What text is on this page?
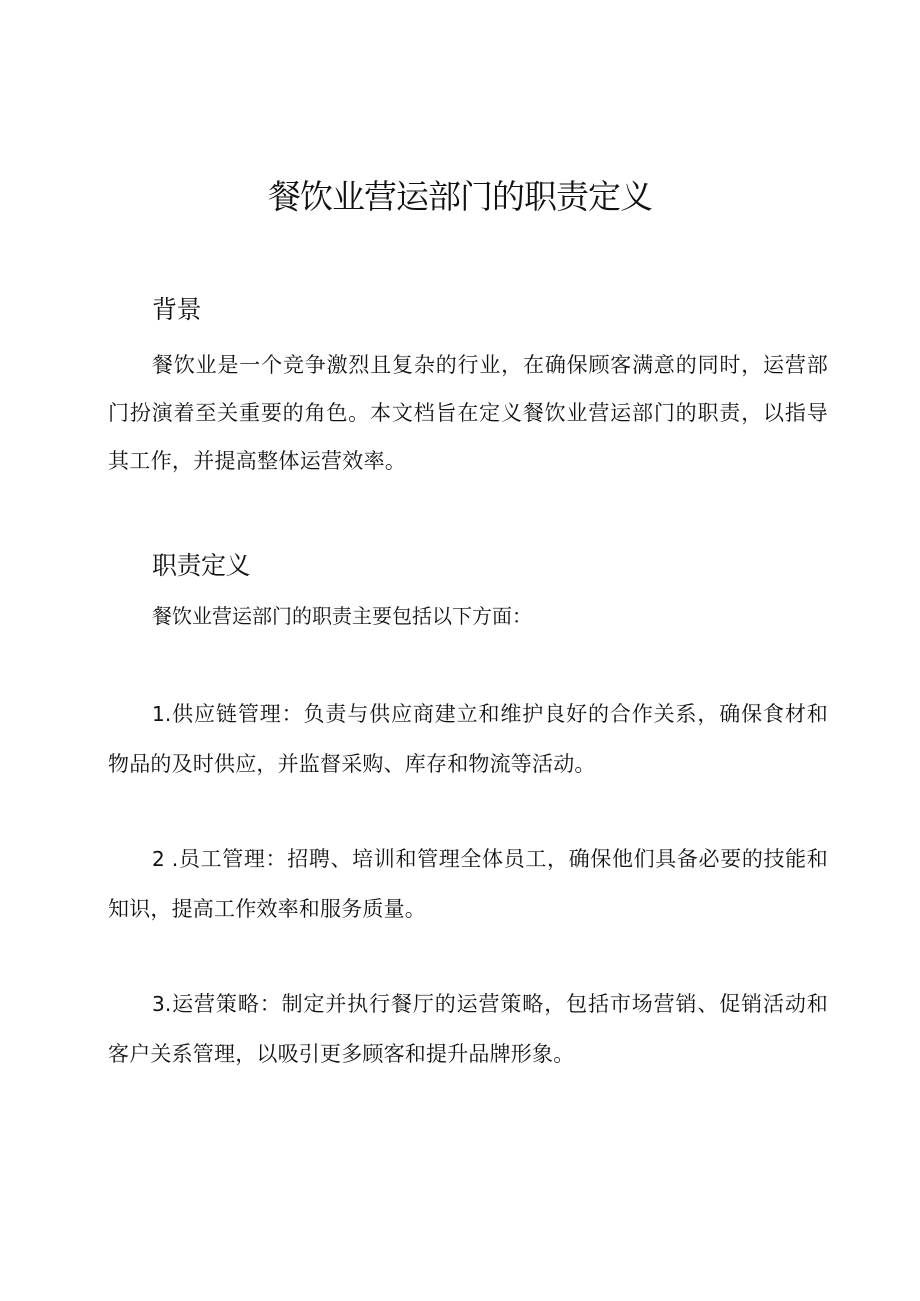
餐饮业营运部门的职责定义
背景

餐饮业是一个竞争激烈且复杂的行业，在确保顾客满意的同时，运营部门扮演着至关重要的角色。本文档旨在定义餐饮业营运部门的职责，以指导其工作，并提高整体运营效率。

职责定义

餐饮业营运部门的职责主要包括以下方面：

1.供应链管理：负责与供应商建立和维护良好的合作关系，确保食材和物品的及时供应，并监督采购、库存和物流等活动。

2 .员工管理：招聘、培训和管理全体员工，确保他们具备必要的技能和知识，提高工作效率和服务质量。

3.运营策略：制定并执行餐厅的运营策略，包括市场营销、促销活动和客户关系管理，以吸引更多顾客和提升品牌形象。
